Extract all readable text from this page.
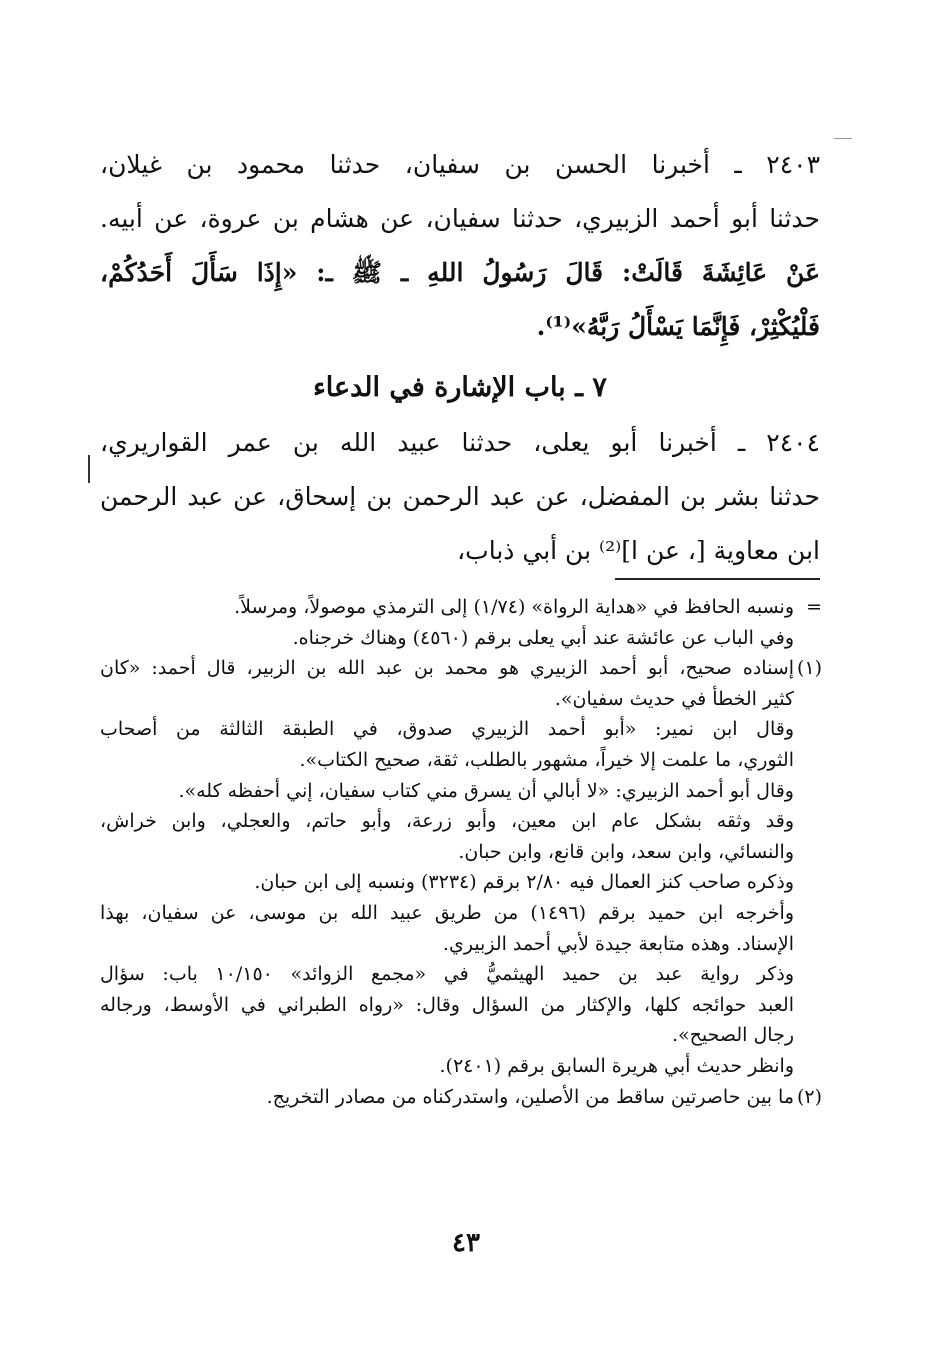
٢٤٠٣ ـ أخبرنا الحسن بن سفيان، حدثنا محمود بن غيلان،
حدثنا أبو أحمد الزبيري، حدثنا سفيان، عن هشام بن عروة، عن أبيه.
عَنْ عَائِشَةَ قَالَتْ: قَالَ رَسُولُ اللهِ ـ ﷺ ـ: «إِذَا سَأَلَ أَحَدُكُمْ،
فَلْيُكْثِرْ، فَإِنَّمَا يَسْأَلُ رَبَّهُ»⁽¹⁾.
٧ ـ باب الإشارة في الدعاء
٢٤٠٤ ـ أخبرنا أبو يعلى، حدثنا عبيد الله بن عمر القواريري،
حدثنا بشر بن المفضل، عن عبد الرحمن بن إسحاق، عن عبد الرحمن
ابن معاوية [، عن ا]⁽²⁾ بن أبي ذباب،
=ونسبه الحافظ في «هداية الرواة» (١/٧٤) إلى الترمذي موصولاً، ومرسلاً.
وفي الباب عن عائشة عند أبي يعلى برقم (٤٥٦٠) وهناك خرجناه.
(١)إسناده صحيح، أبو أحمد الزبيري هو محمد بن عبد الله بن الزبير، قال أحمد: «كان
كثير الخطأ في حديث سفيان».
وقال ابن نمير: «أبو أحمد الزبيري صدوق، في الطبقة الثالثة من أصحاب
الثوري، ما علمت إلا خيراً، مشهور بالطلب، ثقة، صحيح الكتاب».
وقال أبو أحمد الزبيري: «لا أبالي أن يسرق مني كتاب سفيان، إني أحفظه كله».
وقد وثقه بشكل عام ابن معين، وأبو زرعة، وأبو حاتم، والعجلي، وابن خراش،
والنسائي، وابن سعد، وابن قانع، وابن حبان.
وذكره صاحب كنز العمال فيه ٢/٨٠ برقم (٣٢٣٤) ونسبه إلى ابن حبان.
وأخرجه ابن حميد برقم (١٤٩٦) من طريق عبيد الله بن موسى، عن سفيان، بهذا
الإسناد. وهذه متابعة جيدة لأبي أحمد الزبيري.
وذكر رواية عبد بن حميد الهيثميُّ في «مجمع الزوائد» ١٠/١٥٠ باب: سؤال
العبد حوائجه كلها، والإكثار من السؤال وقال: «رواه الطبراني في الأوسط، ورجاله
رجال الصحيح».
وانظر حديث أبي هريرة السابق برقم (٢٤٠١).
(٢)ما بين حاصرتين ساقط من الأصلين، واستدركناه من مصادر التخريج.
٤٣
